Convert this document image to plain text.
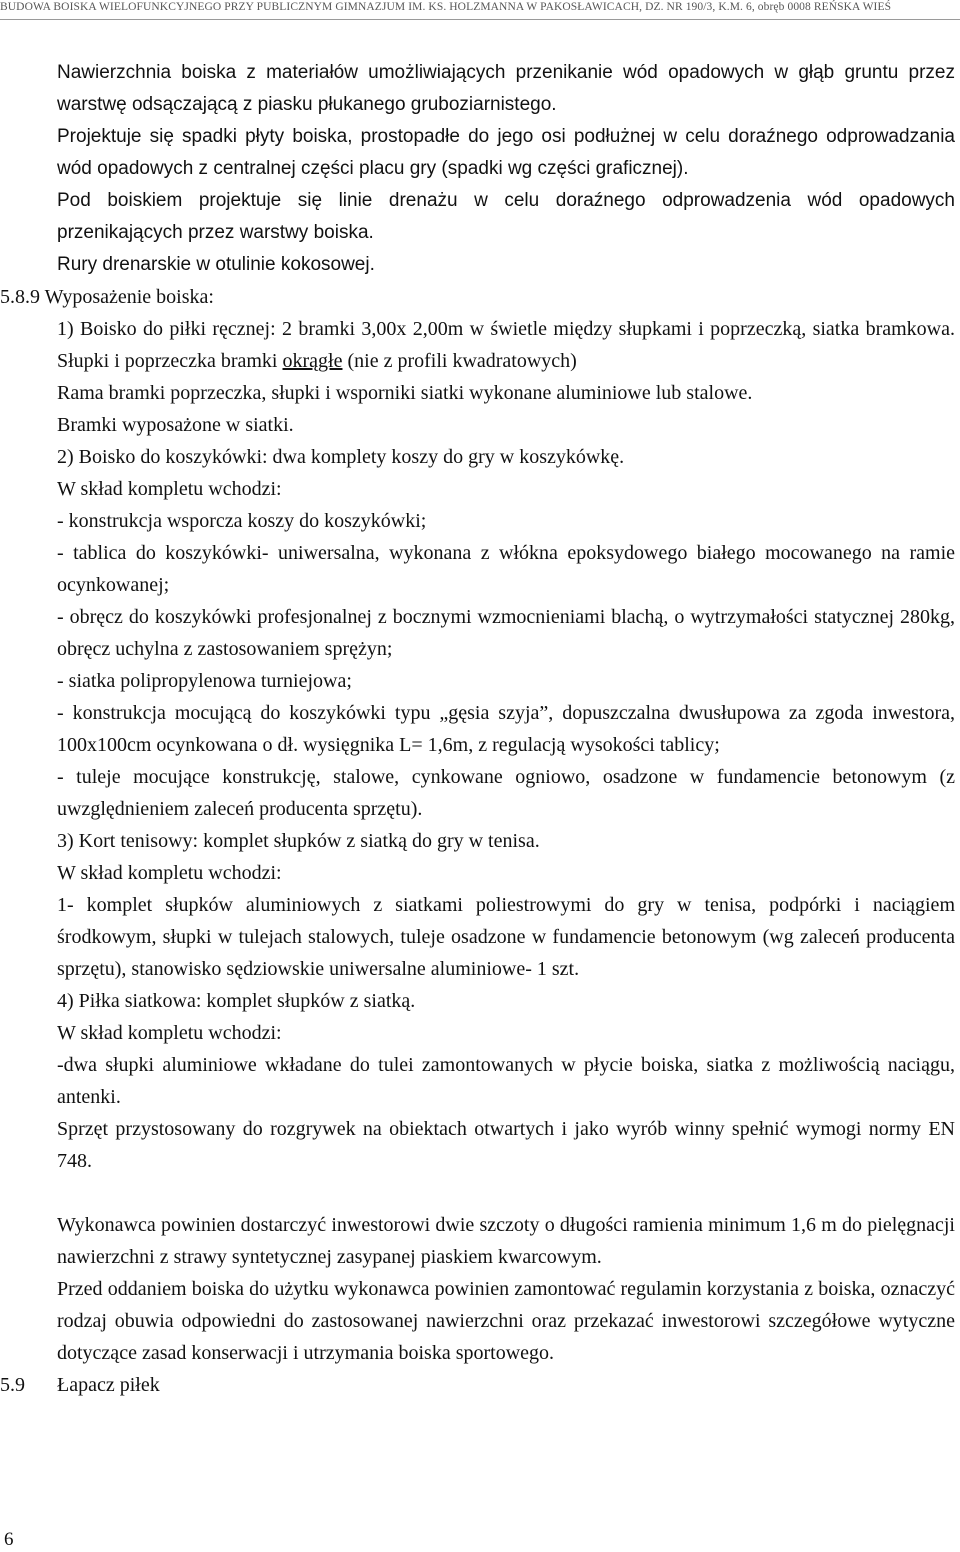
BUDOWA BOISKA WIELOFUNKCYJNEGO PRZY PUBLICZNYM GIMNAZJUM IM. KS. HOLZMANNA W PAKOSŁAWICACH, DZ. NR 190/3, K.M. 6, obręb 0008 REŃSKA WIEŚ

Nawierzchnia boiska z materiałów umożliwiających przenikanie wód opadowych w głąb gruntu przez warstwę odsączającą z piasku płukanego gruboziarnistego.

Projektuje się spadki płyty boiska, prostopadłe do jego osi podłużnej w celu doraźnego odprowadzania wód opadowych z centralnej części placu gry (spadki wg części graficznej).

Pod boiskiem projektuje się linie drenażu w celu doraźnego odprowadzenia wód opadowych przenikających przez warstwy boiska.

Rury drenarskie w otulinie kokosowej.

5.8.9 Wyposażenie boiska:

1) Boisko do piłki ręcznej: 2 bramki 3,00x 2,00m w świetle między słupkami i poprzeczką, siatka bramkowa. Słupki i poprzeczka bramki okrągłe (nie z profili kwadratowych)

Rama bramki poprzeczka, słupki i wsporniki siatki wykonane aluminiowe lub stalowe.

Bramki wyposażone w siatki.

2) Boisko do koszykówki: dwa komplety koszy do gry w koszykówkę.

W skład kompletu wchodzi:

- konstrukcja wsporcza koszy do koszykówki;

- tablica do koszykówki- uniwersalna, wykonana z włókna epoksydowego białego mocowanego na ramie ocynkowanej;

- obręcz do koszykówki profesjonalnej z bocznymi wzmocnieniami blachą, o wytrzymałości statycznej 280kg, obręcz uchylna z zastosowaniem sprężyn;

- siatka polipropylenowa turniejowa;

- konstrukcja mocującą do koszykówki typu „gęsia szyja”, dopuszczalna dwusłupowa za zgoda inwestora, 100x100cm ocynkowana o dł. wysięgnika L= 1,6m, z regulacją wysokości tablicy;

- tuleje mocujące konstrukcję, stalowe, cynkowane ogniowo, osadzone w fundamencie betonowym (z uwzględnieniem zaleceń producenta sprzętu).

3) Kort tenisowy: komplet słupków z siatką do gry w tenisa.

W skład kompletu wchodzi:

1- komplet słupków aluminiowych z siatkami poliestrowymi do gry w tenisa, podpórki i naciągiem środkowym, słupki w tulejach stalowych, tuleje osadzone w fundamencie betonowym (wg zaleceń producenta sprzętu), stanowisko sędziowskie uniwersalne aluminiowe- 1 szt.

4) Piłka siatkowa: komplet słupków z siatką.

W skład kompletu wchodzi:

-dwa słupki aluminiowe wkładane do tulei zamontowanych w płycie boiska, siatka z możliwością naciągu, antenki.

Sprzęt przystosowany do rozgrywek na obiektach otwartych i jako wyrób winny spełnić wymogi normy EN 748.

Wykonawca powinien dostarczyć inwestorowi dwie szczoty o długości ramienia minimum 1,6 m do pielęgnacji nawierzchni z strawy syntetycznej zasypanej piaskiem kwarcowym.

Przed oddaniem boiska do użytku wykonawca powinien zamontować regulamin korzystania z boiska, oznaczyć rodzaj obuwia odpowiedni do zastosowanej nawierzchni oraz przekazać inwestorowi szczegółowe wytyczne dotyczące zasad konserwacji i utrzymania boiska sportowego.

5.9 Łapacz piłek

6
